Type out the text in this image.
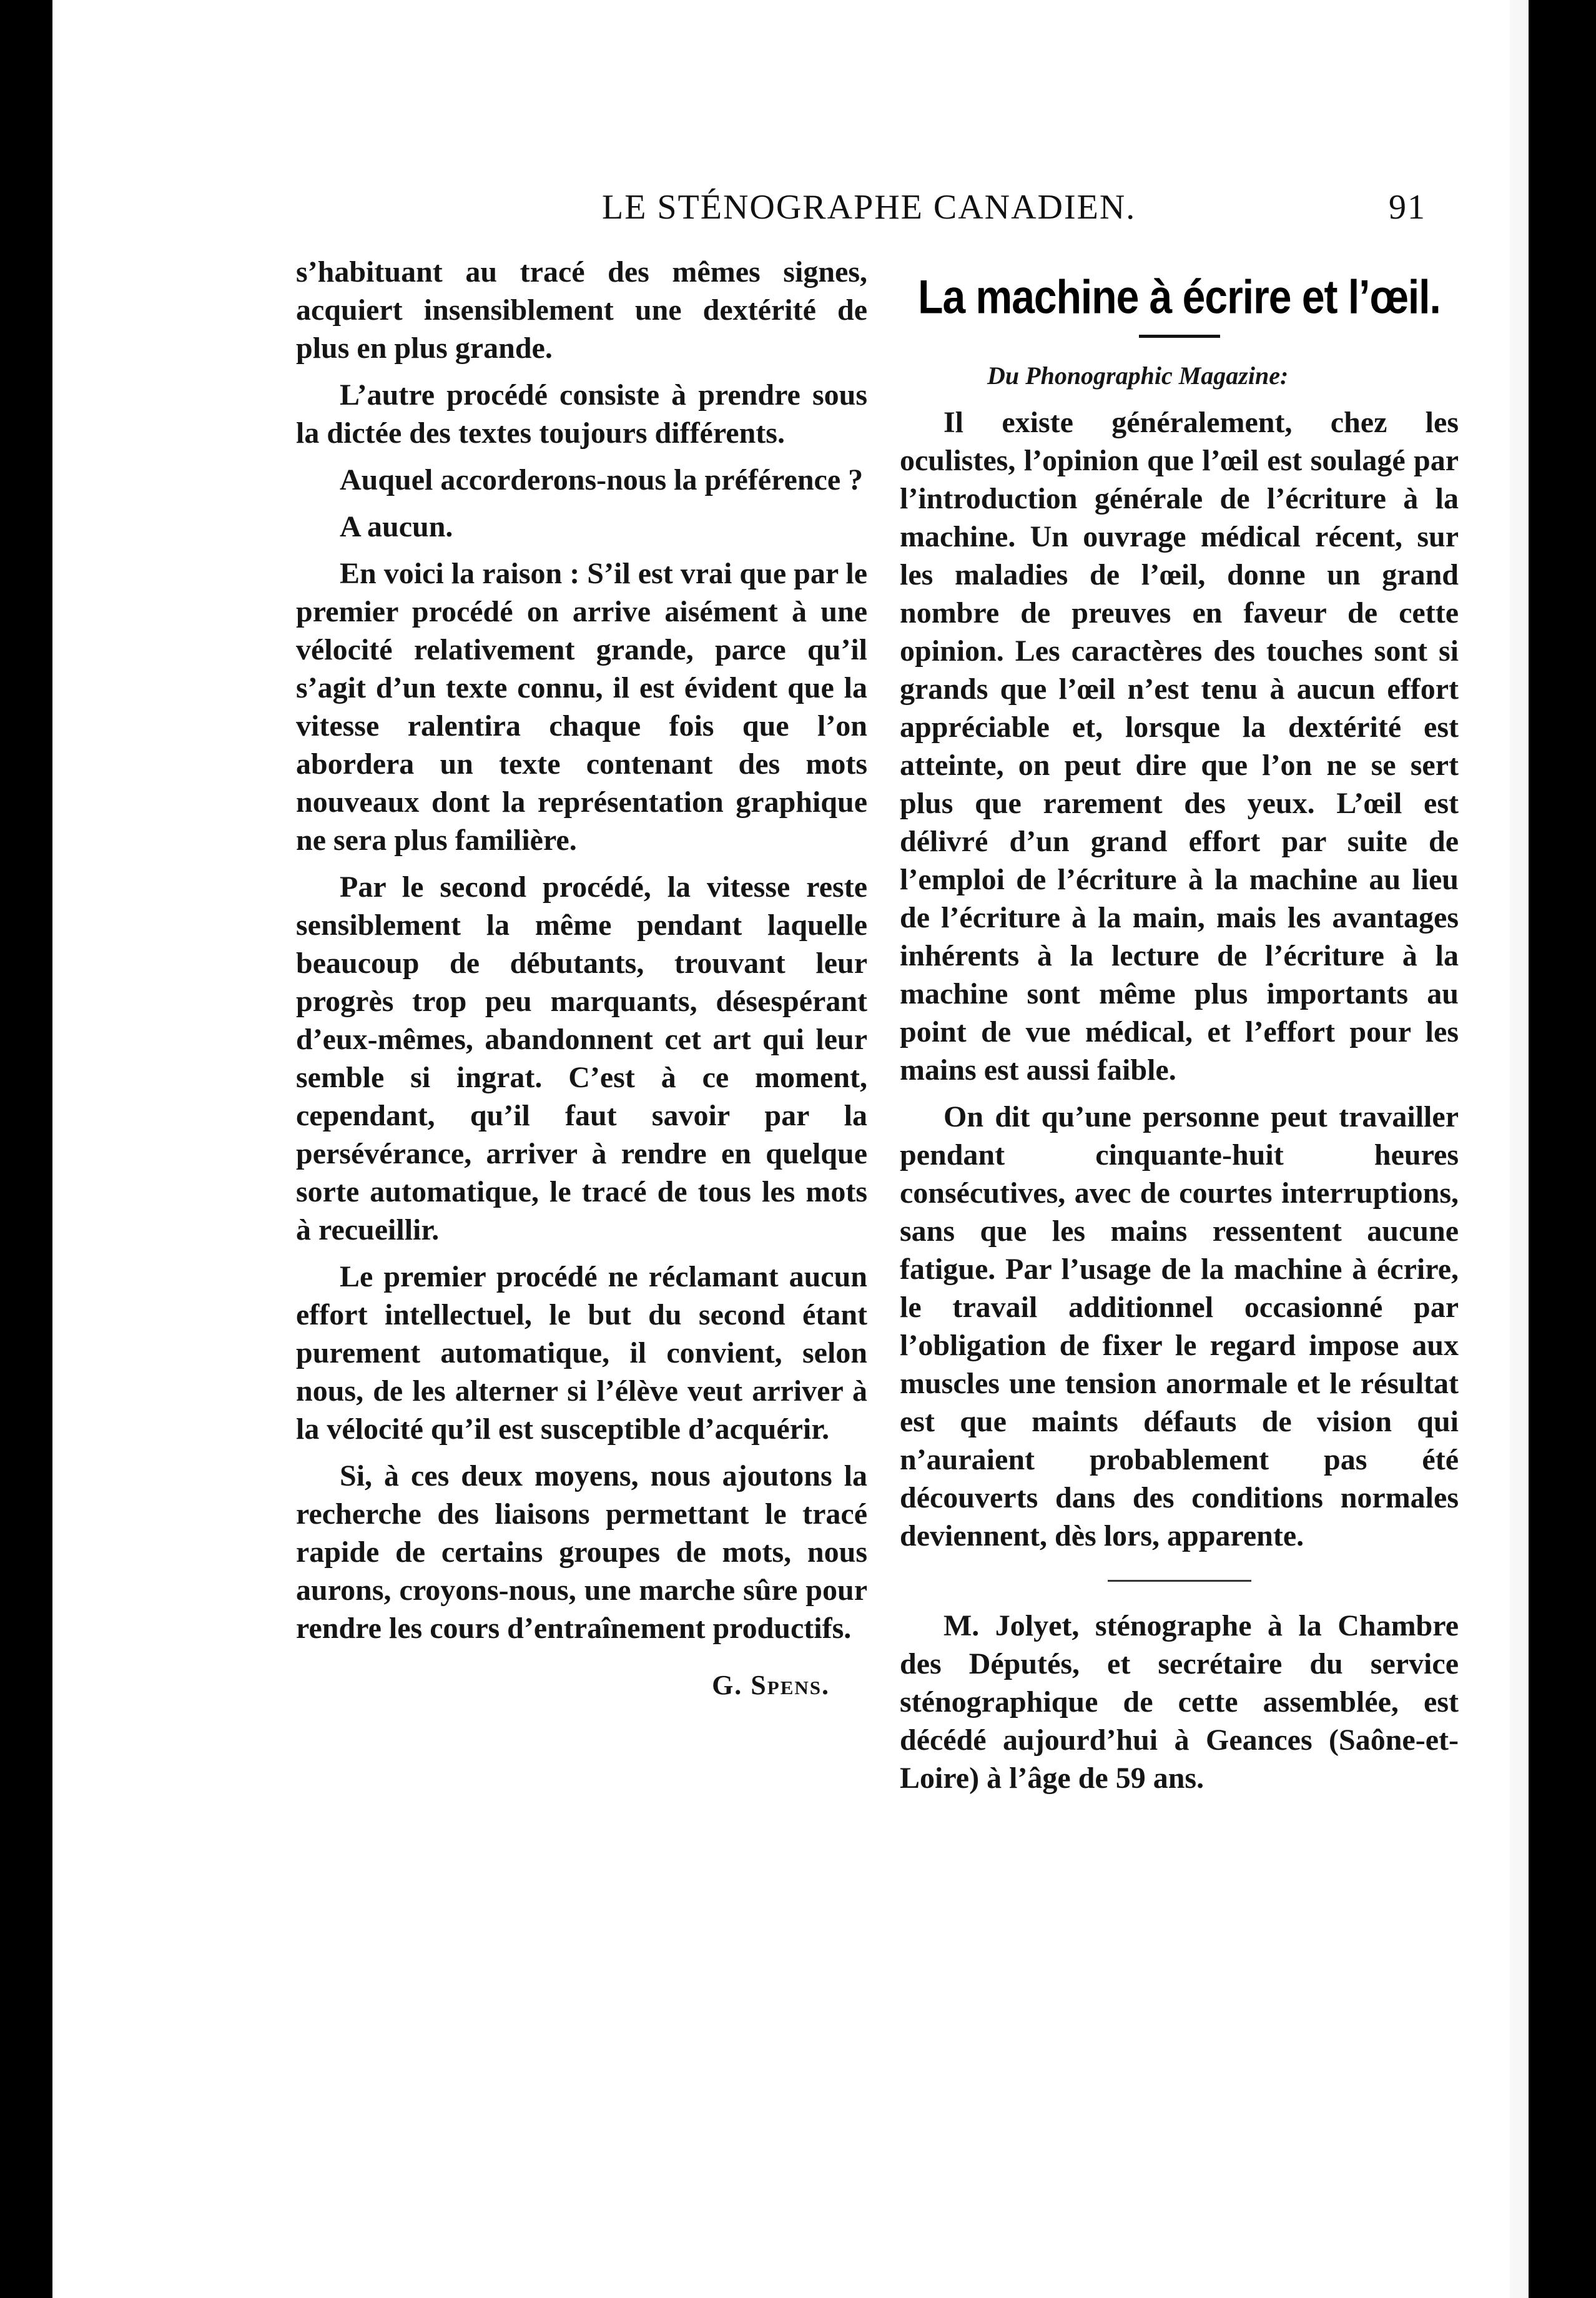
LE STÉNOGRAPHE CANADIEN.	91

s’habituant au tracé des mêmes signes, acquiert insensiblement une dextérité de plus en plus grande.

L’autre procédé consiste à prendre sous la dictée des textes toujours différents.

Auquel accorderons-nous la préférence ?

A aucun.

En voici la raison : S’il est vrai que par le premier procédé on arrive aisément à une vélocité relativement grande, parce qu’il s’agit d’un texte connu, il est évident que la vitesse ralentira chaque fois que l’on abordera un texte contenant des mots nouveaux dont la représentation graphique ne sera plus familière.

Par le second procédé, la vitesse reste sensiblement la même pendant laquelle beaucoup de débutants, trouvant leur progrès trop peu marquants, désespérant d’eux-mêmes, abandonnent cet art qui leur semble si ingrat. C’est à ce moment, cependant, qu’il faut savoir par la persévérance, arriver à rendre en quelque sorte automatique, le tracé de tous les mots à recueillir.

Le premier procédé ne réclamant aucun effort intellectuel, le but du second étant purement automatique, il convient, selon nous, de les alterner si l’élève veut arriver à la vélocité qu’il est susceptible d’acquérir.

Si, à ces deux moyens, nous ajoutons la recherche des liaisons permettant le tracé rapide de certains groupes de mots, nous aurons, croyons-nous, une marche sûre pour rendre les cours d’entraînement productifs.

G. Spens.
La machine à écrire et l’œil.

Du Phonographic Magazine:

Il existe généralement, chez les oculistes, l’opinion que l’œil est soulagé par l’introduction générale de l’écriture à la machine. Un ouvrage médical récent, sur les maladies de l’œil, donne un grand nombre de preuves en faveur de cette opinion. Les caractères des touches sont si grands que l’œil n’est tenu à aucun effort appréciable et, lorsque la dextérité est atteinte, on peut dire que l’on ne se sert plus que rarement des yeux. L’œil est délivré d’un grand effort par suite de l’emploi de l’écriture à la machine au lieu de l’écriture à la main, mais les avantages inhérents à la lecture de l’écriture à la machine sont même plus importants au point de vue médical, et l’effort pour les mains est aussi faible.

On dit qu’une personne peut travailler pendant cinquante-huit heures consécutives, avec de courtes interruptions, sans que les mains ressentent aucune fatigue. Par l’usage de la machine à écrire, le travail additionnel occasionné par l’obligation de fixer le regard impose aux muscles une tension anormale et le résultat est que maints défauts de vision qui n’auraient probablement pas été découverts dans des conditions normales deviennent, dès lors, apparente.

M. Jolyet, sténographe à la Chambre des Députés, et secrétaire du service sténographique de cette assemblée, est décédé aujourd’hui à Geances (Saône-et-Loire) à l’âge de 59 ans.
